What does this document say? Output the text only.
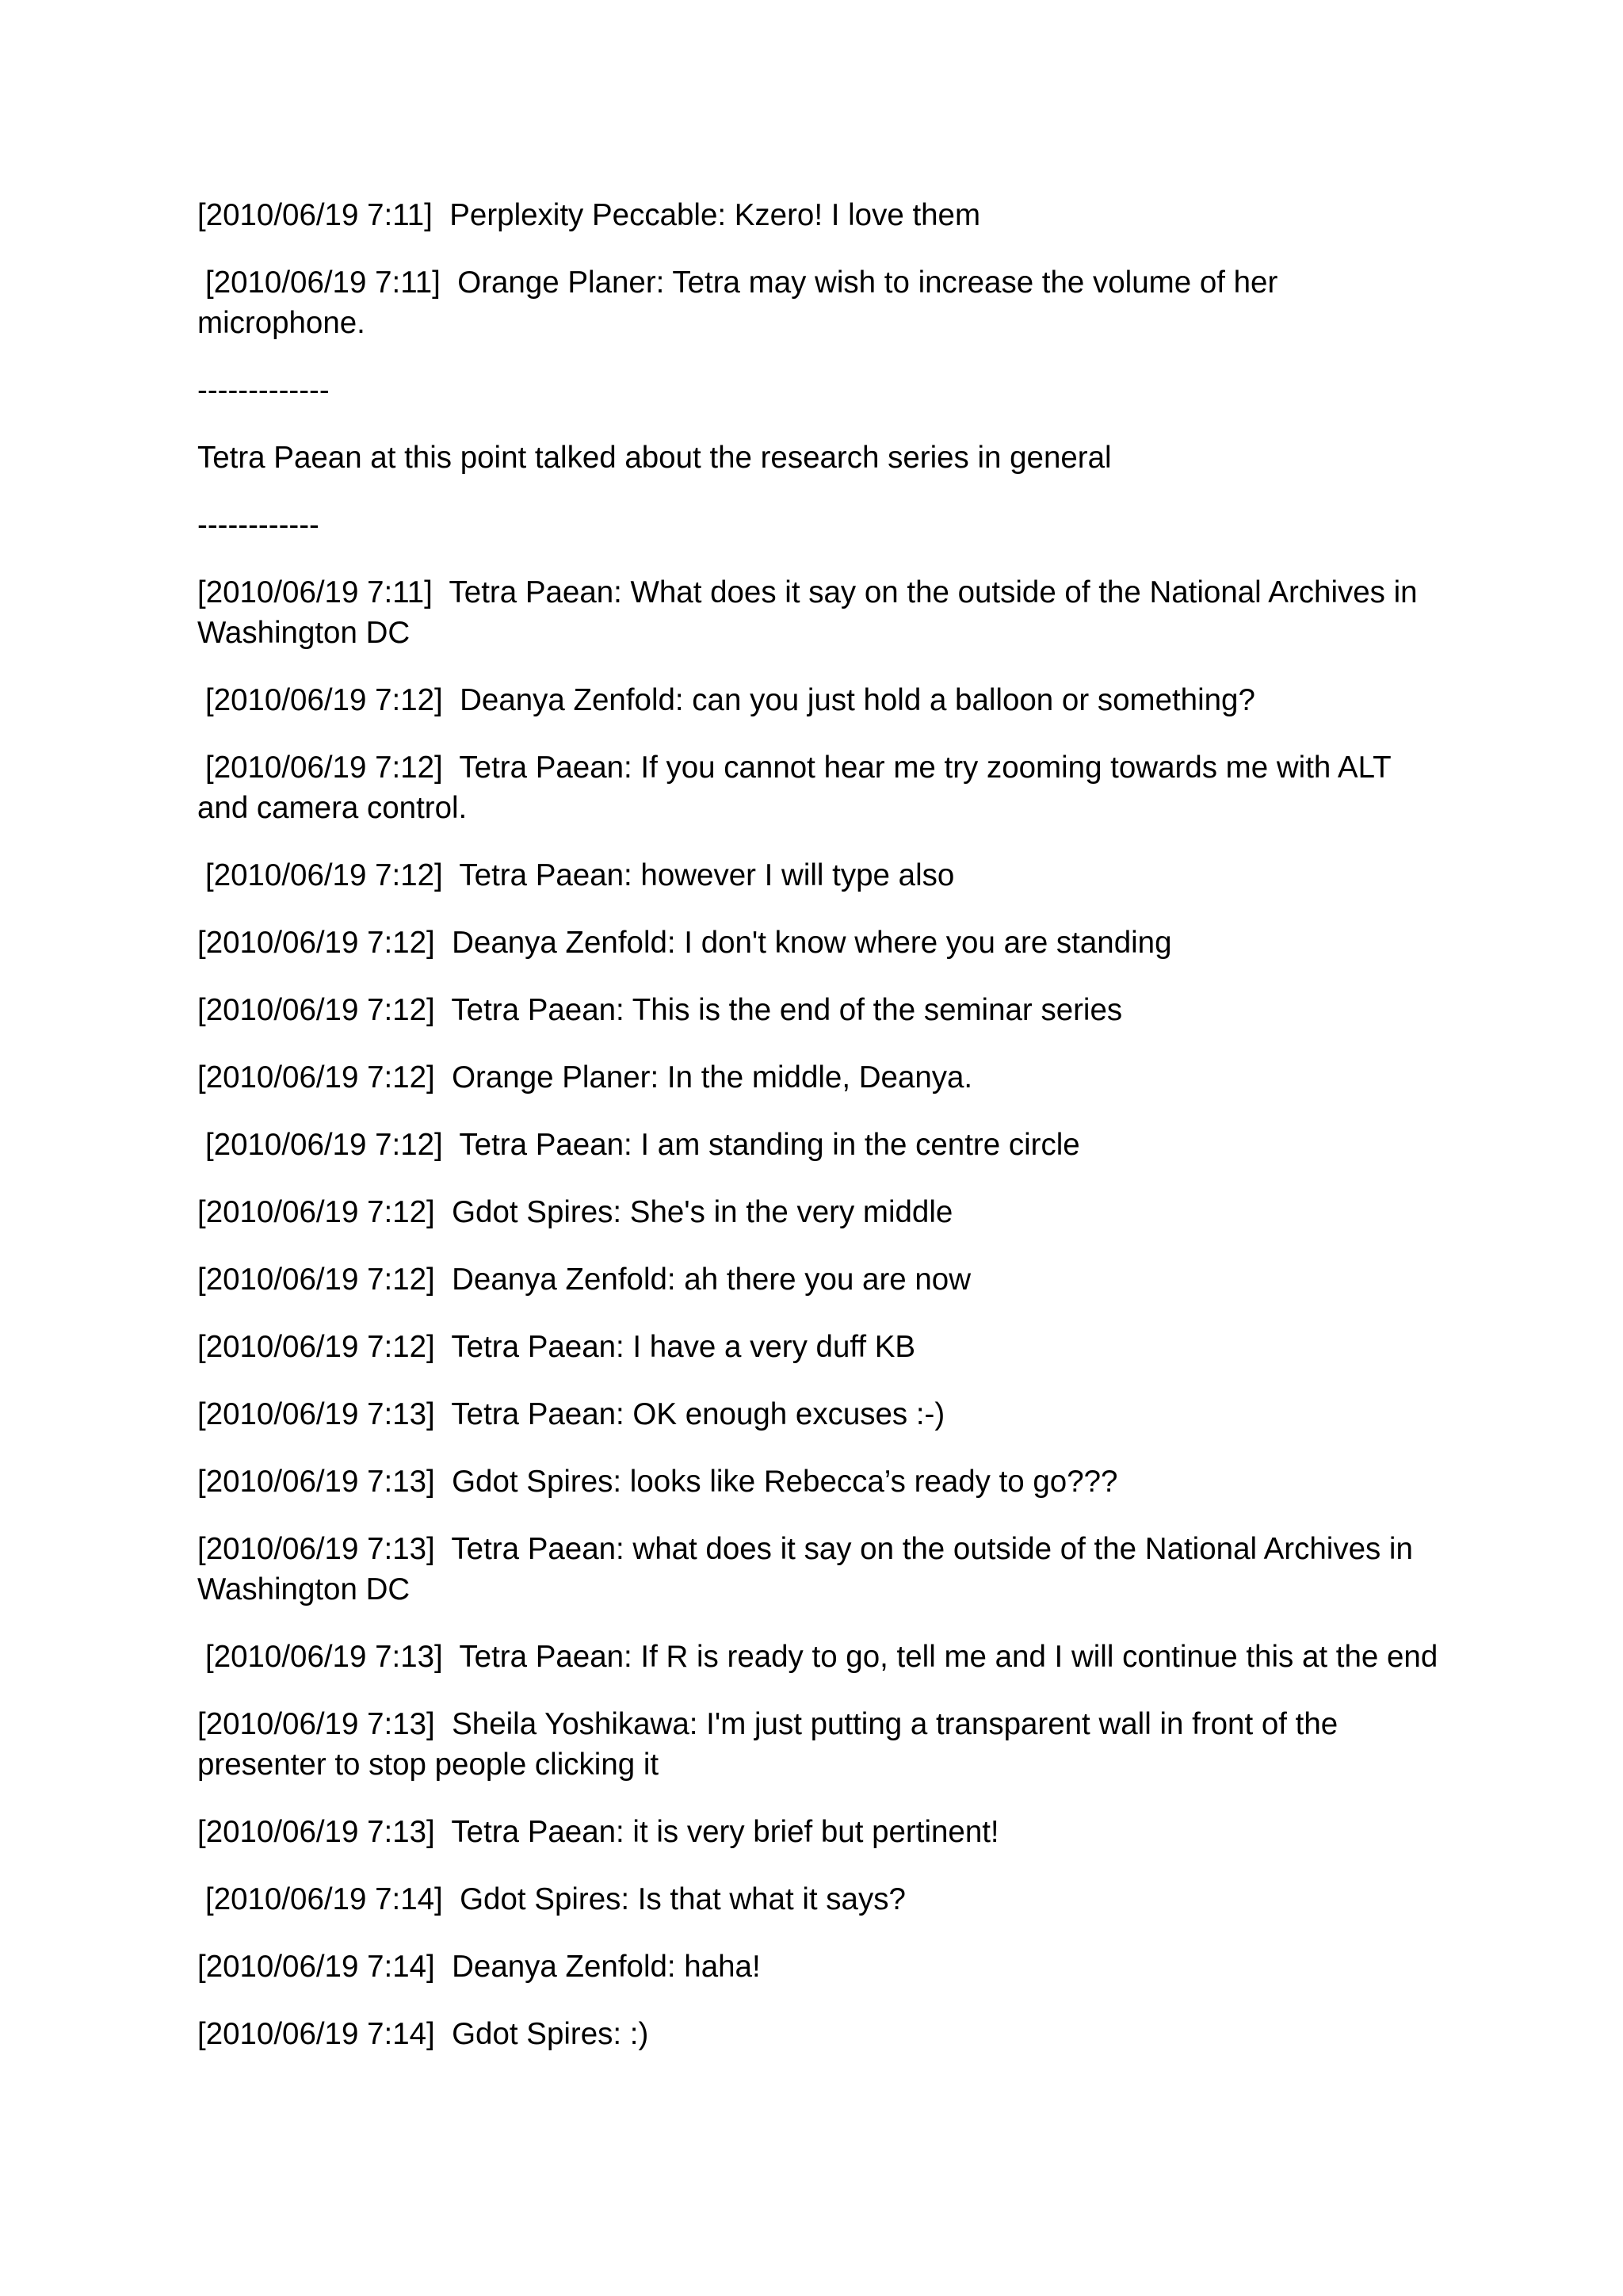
[2010/06/19 7:11]  Perplexity Peccable: Kzero! I love them

[2010/06/19 7:11]  Orange Planer: Tetra may wish to increase the volume of her microphone.

-------------

Tetra Paean at this point talked about the research series in general

------------

[2010/06/19 7:11]  Tetra Paean: What does it say on the outside of the National Archives in Washington DC

[2010/06/19 7:12]  Deanya Zenfold: can you just hold a balloon or something?

[2010/06/19 7:12]  Tetra Paean: If you cannot hear me try zooming towards me with ALT and camera control.

[2010/06/19 7:12]  Tetra Paean: however I will type also

[2010/06/19 7:12]  Deanya Zenfold: I don't know where you are standing

[2010/06/19 7:12]  Tetra Paean: This is the end of the seminar series

[2010/06/19 7:12]  Orange Planer: In the middle, Deanya.

[2010/06/19 7:12]  Tetra Paean: I am standing in the centre circle

[2010/06/19 7:12]  Gdot Spires: She's in the very middle

[2010/06/19 7:12]  Deanya Zenfold: ah there you are now

[2010/06/19 7:12]  Tetra Paean: I have a very duff KB

[2010/06/19 7:13]  Tetra Paean: OK enough excuses :-)

[2010/06/19 7:13]  Gdot Spires: looks like Rebecca’s ready to go???

[2010/06/19 7:13]  Tetra Paean: what does it say on the outside of the National Archives in Washington DC

[2010/06/19 7:13]  Tetra Paean: If R is ready to go, tell me and I will continue this at the end

[2010/06/19 7:13]  Sheila Yoshikawa: I'm just putting a transparent wall in front of the presenter to stop people clicking it

[2010/06/19 7:13]  Tetra Paean: it is very brief but pertinent!

[2010/06/19 7:14]  Gdot Spires: Is that what it says?

[2010/06/19 7:14]  Deanya Zenfold: haha!

[2010/06/19 7:14]  Gdot Spires: :)
